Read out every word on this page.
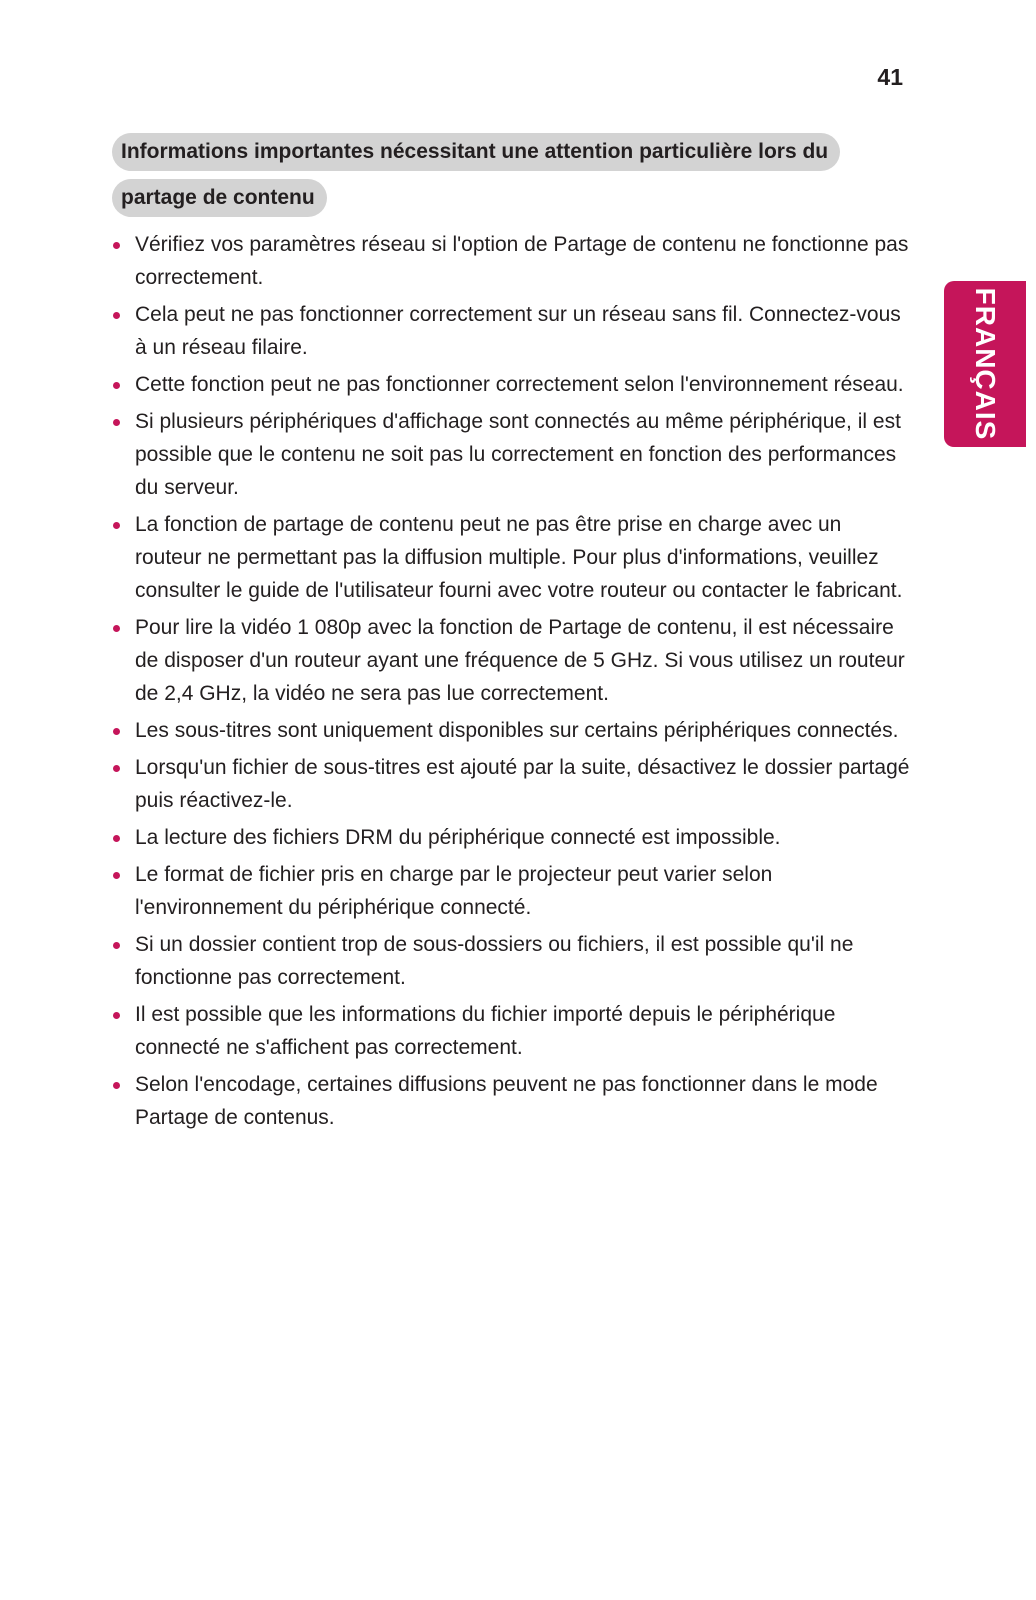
41
FRANÇAIS
Informations importantes nécessitant une attention particulière lors du
partage de contenu
Vérifiez vos paramètres réseau si l'option de Partage de contenu ne fonctionne pas correctement.
Cela peut ne pas fonctionner correctement sur un réseau sans fil. Connectez-vous à un réseau filaire.
Cette fonction peut ne pas fonctionner correctement selon l'environnement réseau.
Si plusieurs périphériques d'affichage sont connectés au même périphérique, il est possible que le contenu ne soit pas lu correctement en fonction des performances du serveur.
La fonction de partage de contenu peut ne pas être prise en charge avec un routeur ne permettant pas la diffusion multiple. Pour plus d'informations, veuillez consulter le guide de l'utilisateur fourni avec votre routeur ou contacter le fabricant.
Pour lire la vidéo 1 080p avec la fonction de Partage de contenu, il est nécessaire de disposer d'un routeur ayant une fréquence de 5 GHz. Si vous utilisez un routeur de 2,4 GHz, la vidéo ne sera pas lue correctement.
Les sous-titres sont uniquement disponibles sur certains périphériques connectés.
Lorsqu'un fichier de sous-titres est ajouté par la suite, désactivez le dossier partagé puis réactivez-le.
La lecture des fichiers DRM du périphérique connecté est impossible.
Le format de fichier pris en charge par le projecteur peut varier selon l'environnement du périphérique connecté.
Si un dossier contient trop de sous-dossiers ou fichiers, il est possible qu'il ne fonctionne pas correctement.
Il est possible que les informations du fichier importé depuis le périphérique connecté ne s'affichent pas correctement.
Selon l'encodage, certaines diffusions peuvent ne pas fonctionner dans le mode Partage de contenus.
